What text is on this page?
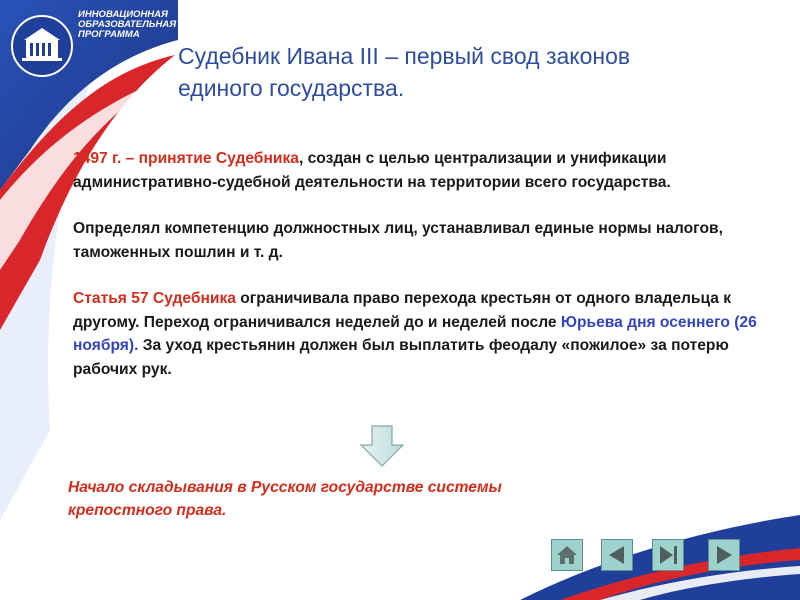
ИННОВАЦИОННАЯ
ОБРАЗОВАТЕЛЬНАЯ
ПРОГРАММА
Судебник Ивана III – первый свод законов
единого государства.

1497 г. – принятие Судебника, создан с целью централизации и унификации административно-судебной деятельности на территории всего государства.

Определял компетенцию должностных лиц, устанавливал единые нормы налогов, таможенных пошлин и т. д.

Статья 57 Судебника ограничивала право перехода крестьян от одного владельца к другому. Переход ограничивался неделей до и неделей после Юрьева дня осеннего (26 ноября). За уход крестьянин должен был выплатить феодалу «пожилое» за потерю рабочих рук.

Начало складывания в Русском государстве системы
крепостного права.
